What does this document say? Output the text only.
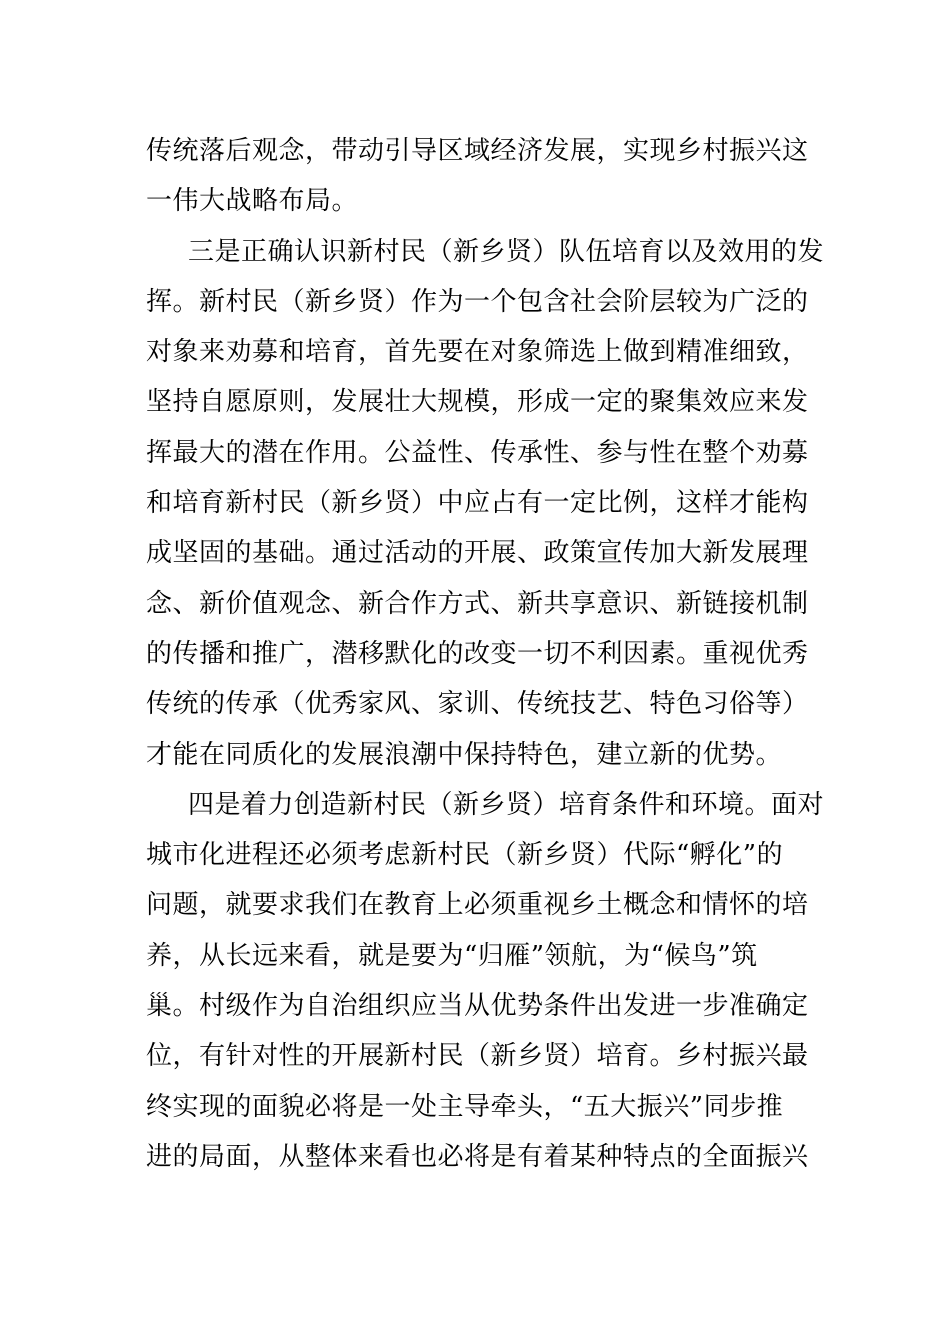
传统落后观念，带动引导区域经济发展，实现乡村振兴这
一伟大战略布局。
三是正确认识新村民（新乡贤）队伍培育以及效用的发
挥。新村民（新乡贤）作为一个包含社会阶层较为广泛的
对象来劝募和培育，首先要在对象筛选上做到精准细致，
坚持自愿原则，发展壮大规模，形成一定的聚集效应来发
挥最大的潜在作用。公益性、传承性、参与性在整个劝募
和培育新村民（新乡贤）中应占有一定比例，这样才能构
成坚固的基础。通过活动的开展、政策宣传加大新发展理
念、新价值观念、新合作方式、新共享意识、新链接机制
的传播和推广，潜移默化的改变一切不利因素。重视优秀
传统的传承（优秀家风、家训、传统技艺、特色习俗等）
才能在同质化的发展浪潮中保持特色，建立新的优势。
四是着力创造新村民（新乡贤）培育条件和环境。面对
城市化进程还必须考虑新村民（新乡贤）代际“孵化”的
问题，就要求我们在教育上必须重视乡土概念和情怀的培
养，从长远来看，就是要为“归雁”领航，为“候鸟”筑
巢。村级作为自治组织应当从优势条件出发进一步准确定
位，有针对性的开展新村民（新乡贤）培育。乡村振兴最
终实现的面貌必将是一处主导牵头，“五大振兴”同步推
进的局面，从整体来看也必将是有着某种特点的全面振兴
